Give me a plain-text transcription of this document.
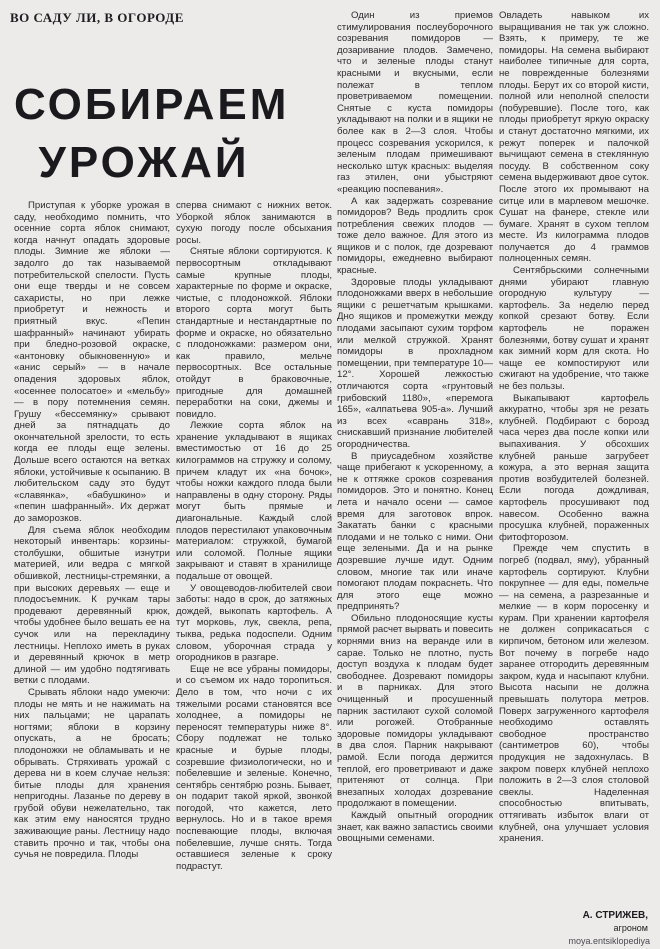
ВО САДУ ЛИ, В ОГОРОДЕ
СОБИРАЕМ
УРОЖАЙ

Приступая к уборке урожая в саду, необходимо помнить, что осенние сорта яблок снимают, когда начнут опадать здоровые плоды. Зимние же яблоки — задолго до так называемой потребительской спелости. Пусть они еще тверды и не совсем сахаристы, но при лежке приобретут и нежность и приятный вкус. «Пепин шафранный» начинают убирать при бледно-розовой окраске, «антоновку обыкновенную» и «анис серый» — в начале опадения здоровых яблок, «осеннее полосатое» и «мельбу» — в пору потемнения семян. Грушу «бессемянку» срывают дней за пятнадцать до окончательной зрелости, то есть когда ее плоды еще зелены. Дольше всего остаются на ветках яблоки, устойчивые к осыпанию. В любительском саду это будут «славянка», «бабушкино» и «пепин шафранный». Их держат до заморозков.

Для съема яблок необходим некоторый инвентарь: корзины-столбушки, обшитые изнутри материей, или ведра с мягкой обшивкой, лестницы-стремянки, а при высоких деревьях — еще и плодосъемник. К ручкам тары продевают деревянный крюк, чтобы удобнее было вешать ее на сучок или на перекладину лестницы. Неплохо иметь в руках и деревянный крючок в метр длиной — им удобно подтягивать ветки с плодами.

Срывать яблоки надо умеючи: плоды не мять и не нажимать на них пальцами; не царапать ногтями; яблоки в корзину опускать, а не бросать; плодоножки не обламывать и не обрывать. Стряхивать урожай с дерева ни в коем случае нельзя: битые плоды для хранения непригодны. Лазанье по дереву в грубой обуви нежелательно, так как этим ему наносятся трудно заживающие раны. Лестницу надо ставить прочно и так, чтобы она сучья не повредила. Плоды

сперва снимают с нижних веток. Уборкой яблок занимаются в сухую погоду после обсыхания росы.

Снятые яблоки сортируются. К первосортным откладывают самые крупные плоды, характерные по форме и окраске, чистые, с плодоножкой. Яблоки второго сорта могут быть стандартные и нестандартные по форме и окраске, но обязательно с плодоножками: размером они, как правило, мельче первосортных. Все остальные отойдут в браковочные, пригодные для домашней переработки на соки, джемы и повидло.

Лежкие сорта яблок на хранение укладывают в ящиках вместимостью от 16 до 25 килограммов на стружку и солому, причем кладут их «на бочок», чтобы ножки каждого плода были направлены в одну сторону. Ряды могут быть прямые и диагональные. Каждый слой плодов перестилают упаковочным материалом: стружкой, бумагой или соломой. Полные ящики закрывают и ставят в хранилище подальше от овощей.

У овощеводов-любителей свои заботы: надо в срок, до затяжных дождей, выкопать картофель. А тут морковь, лук, свекла, репа, тыква, редька подоспели. Одним словом, уборочная страда у огородников в разгаре.

Еще не все убраны помидоры, и со съемом их надо торопиться. Дело в том, что ночи с их тяжелыми росами становятся все холоднее, а помидоры не переносят температуры ниже 8°. Сбору подлежат не только красные и бурые плоды, созревшие физиологически, но и побелевшие и зеленые. Конечно, сентябрь сентябрю рознь. Бывает, он подарит такой яркой, звонкой погодой, что кажется, лето вернулось. Но и в такое время поспевающие плоды, включая побелевшие, лучше снять. Тогда оставшиеся зеленые к сроку подрастут.

Один из приемов стимулирования послеуборочного созревания помидоров — дозаривание плодов. Замечено, что и зеленые плоды станут красными и вкусными, если полежат в теплом проветриваемом помещении. Снятые с куста помидоры укладывают на полки и в ящики не более как в 2—3 слоя. Чтобы процесс созревания ускорился, к зеленым плодам примешивают несколько штук красных: выделяя газ этилен, они убыстряют «реакцию поспевания».

А как задержать созревание помидоров? Ведь продлить срок потребления свежих плодов — тоже дело важное. Для этого из ящиков и с полок, где дозревают помидоры, ежедневно выбирают красные.

Здоровые плоды укладывают плодоножками вверх в небольшие ящики с решетчатым крышками. Дно ящиков и промежутки между плодами засыпают сухим торфом или мелкой стружкой. Хранят помидоры в прохладном помещении, при температуре 10—12°. Хорошей лежкостью отличаются сорта «грунтовый грибовский 1180», «перемога 165», «алпатьева 905-а». Лучший из всех «саврань 318», снискавший признание любителей огородничества.

В приусадебном хозяйстве чаще прибегают к ускоренному, а не к оттяжке сроков созревания помидоров. Это и понятно. Конец лета и начало осени — самое время для заготовок впрок. Закатать банки с красными плодами и не только с ними. Они еще зелеными. Да и на рынке дозревшие лучше идут. Одним словом, многие так или иначе помогают плодам покраснеть. Что для этого еще можно предпринять?

Обильно плодоносящие кусты прямой расчет вырвать и повесить корнями вниз на веранде или в сарае. Только не плотно, пусть доступ воздуха к плодам будет свободнее. Дозревают помидоры и в парниках. Для этого очищенный и просушенный парник застилают сухой соломой или рогожей. Отобранные здоровые помидоры укладывают в два слоя. Парник накрывают рамой. Если погода держится теплой, его проветривают и даже притеняют от солнца. При внезапных холодах дозревание продолжают в помещении.

Каждый опытный огородник знает, как важно запастись своими овощными семенами.

Овладеть навыком их выращивания не так уж сложно. Взять, к примеру, те же помидоры. На семена выбирают наиболее типичные для сорта, не поврежденные болезнями плоды. Берут их со второй кисти, полной или неполной спелости (побуревшие). После того, как плоды приобретут яркую окраску и станут достаточно мягкими, их режут поперек и палочкой вычищают семена в стеклянную посуду. В собственном соку семена выдерживают двое суток. После этого их промывают на ситце или в марлевом мешочке. Сушат на фанере, стекле или бумаге. Хранят в сухом теплом месте. Из килограмма плодов получается до 4 граммов полноценных семян.

Сентябрьскими солнечными днями убирают главную огородную культуру — картофель. За неделю перед копкой срезают ботву. Если картофель не поражен болезнями, ботву сушат и хранят как зимний корм для скота. Но чаще ее компостируют или сжигают на удобрение, что также не без пользы.

Выкапывают картофель аккуратно, чтобы зря не резать клубней. Подбирают с борозд часа через два после копки или выпахивания. У обсохших клубней раньше загрубеет кожура, а это верная защита против возбудителей болезней. Если погода дождливая, картофель просушивают под навесом. Особенно важна просушка клубней, пораженных фитофторозом.

Прежде чем спустить в погреб (подвал, яму), убранный картофель сортируют. Клубни покрупнее — для еды, помельче — на семена, а разрезанные и мелкие — в корм поросенку и курам. При хранении картофеля не должен соприкасаться с кирпичом, бетоном или железом. Вот почему в погребе надо заранее отгородить деревянным закром, куда и насыпают клубни. Высота насыпи не должна превышать полутора метров. Поверх загруженного картофеля необходимо оставлять свободное пространство (сантиметров 60), чтобы продукция не задохнулась. В закром поверх клубней неплохо положить в 2—3 слоя столовой свеклы. Наделенная способностью впитывать, оттягивать избыток влаги от клубней, она улучшает условия хранения.

А. СТРИЖЕВ,
агроном
moya.entsiklopediya
